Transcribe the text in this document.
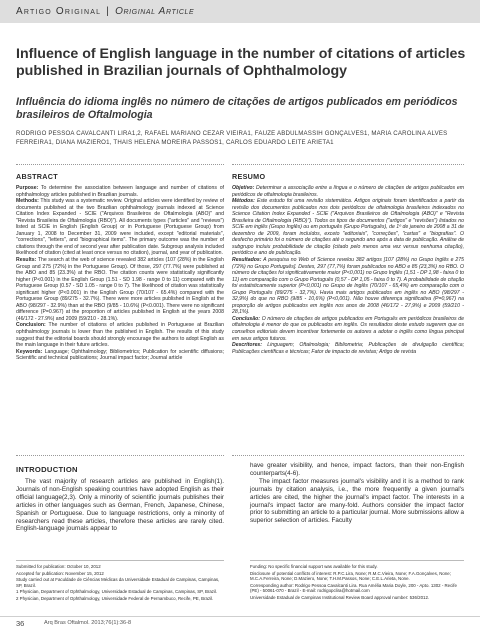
Artigo Original | Original Article
Influence of English language in the number of citations of articles published in Brazilian journals of Ophthalmology
Influência do idioma inglês no número de citações de artigos publicados em periódicos brasileiros de Oftalmologia
RODRIGO PESSOA CAVALCANTI LIRA1,2, RAFAEL MARIANO CEZAR VIEIRA1, FAUZE ABDULMASSIH GONÇALVES1, MARIA CAROLINA ALVES FERREIRA1, DIANA MAZIERO1, THAIS HELENA MOREIRA PASSOS1, CARLOS EDUARDO LEITE ARIETA1
ABSTRACT
Purpose: To determine the association between language and number of citations of ophthalmology articles published in Brazilian journals.
Methods: This study was a systematic review. Original articles were identified by review of documents published at the two Brazilian ophthalmology journals indexed at Science Citation Index Expanded - SCIE ("Arquivos Brasileiros de Oftalmologia (ABO)" and "Revista Brasileira de Oftalmologia (RBO)"). All documents types ("articles" and "reviews") listed at SCIE in English (English Group) or in Portuguese (Portuguese Group) from January 1, 2008 to December 31, 2009 were included, except "editorial materials", "corrections", "letters", and "biographical items". The primary outcome was the number of citations through the end of second year after publication date. Subgroup analysis included likelihood of citation (cited at least once versus no citation), journal, and year of publication.
Results: The search at the web of science revealed 382 articles (107 (28%) in the English Group and 275 (72%) in the Portuguese Group). Of those, 297 (77.7%) were published at the ABO and 85 (23.3%) at the RBO. The citation counts were statistically significantly higher (P<0.001) in the English Group (1.51 - SD 1.98 - range 0 to 11) compared with the Portuguese Group (0.57 - SD 1.05 - range 0 to 7). The likelihood of citation was statistically significant higher (P<0.001) in the English Group (70/107 - 65.4%) compared with the Portuguese Group (89/275 - 32.7%). There were more articles published in English at the ABO (98/297 - 32.9%) than at the RBO (9/85 - 10.6%) (P<0.001). There were no significant difference (P=0.967) at the proportion of articles published in English at the years 2008 (46/172 - 27.9%) and 2009 (59/210 - 28.1%).
Conclusion: The number of citations of articles published in Portuguese at Brazilian ophthalmology journals is lower than the published in English. The results of this study suggest that the editorial boards should strongly encourage the authors to adopt English as the main language in their future articles.
Keywords: Language; Ophthalmology; Bibliometrics; Publication for scientific diffusions; Scientific and technical publications; Journal impact factor; Journal article
RESUMO
Objetivo: Determinar a associação entre a língua e o número de citações de artigos publicados em periódicos de oftalmologia brasileiros.
Métodos: Este estudo foi uma revisão sistemática. Artigos originais foram identificados a partir da revisão dos documentos publicados nos dois periódicos de oftalmologia brasileiros indexados no Science Citation Index Expanded - SCIE ("Arquivos Brasileiros de Oftalmologia (ABO)" e "Revista Brasileira de Oftalmologia (RBO)"). Todos os tipos de documentos ("artigos" e "revisões") listados no SCIE em inglês (Grupo Inglês) ou em português (Grupo Português), de 1º de janeiro de 2008 a 31 de dezembro de 2009, foram incluídos, exceto "editoriais", "correções", "cartas" e "biografias". O desfecho primário foi o número de citações até o segundo ano após a data de publicação. Análise de subgrupo incluiu probabilidade de citação (citado pelo menos uma vez versus nenhuma citação), periódico e ano de publicação.
Resultados: A pesquisa no Web of Science revelou 382 artigos [107 (28%) no Grupo Inglês e 275 (72%) no Grupo Português]. Destes, 297 (77,7%) foram publicados no ABO e 85 (23,3%) no RBO. O número de citações foi significativamente maior (P<0,001) no Grupo Inglês (1,51 - DP 1,98 - faixa 0 to 11) em comparação com o Grupo Português (0,57 - DP 1,05 - faixa 0 to 7). A probabilidade de citação foi estatisticamente superior (P<0,001) no Grupo de Inglês (70/107 - 65,4%) em comparação com o Grupo Português (89/275 - 32,7%). Havia mais artigos publicados em inglês no ABO (98/297 - 32,9%) do que no RBO (9/85 - 10,6%) (P<0,001). Não houve diferença significativa (P=0,967) na proporção de artigos publicados em inglês nos anos de 2008 (46/172 - 27,9%) e 2009 (59/210 - 28,1%).
Conclusão: O número de citações de artigos publicados em Português em periódicos brasileiros de oftalmologia é menor do que os publicados em inglês. Os resultados deste estudo sugerem que os conselhos editoriais devem incentivar fortemente os autores a adotar o inglês como língua principal em seus artigos futuros.
Descritores: Linguagem; Oftalmologia; Bibliometria; Publicações de divulgação científica; Publicações científicas e técnicas; Fator de impacto de revistas; Artigo de revista
INTRODUCTION

The vast majority of research articles are published in English(1). Journals of non-English speaking countries have adopted English as their official language(2,3). Only a minority of scientific journals publishes their articles in other languages such as German, French, Japanese, Chinese, Spanish or Portuguese. Due to language restrictions, only a minority of researchers read these articles, therefore these articles are rarely cited. English-language journals appear to

have greater visibility, and hence, impact factors, than their non-English counterparts(4-6).

The impact factor measures journal's visibility and it is a method to rank journals by citation analysis, i.e., the more frequently a given journal's articles are cited, the higher the journal's impact factor. The interests in a journal's impact factor are many-fold. Authors consider the impact factor prior to submitting an article to a particular journal. More submissions allow a superior selection of articles. Faculty

Submitted for publication: October 10, 2012
Accepted for publication: November 15, 2012
Study carried out at Faculdade de Ciências Médicas da Universidade Estadual de Campinas, Campinas, SP, Brazil.
1 Physician, Department of Ophthalmology, Universidade Estadual de Campinas, Campinas, SP, Brazil.
2 Physician, Department of Ophthalmology, Universidade Federal de Pernambuco, Recife, PE, Brazil.
Funding: No specific financial support was available for this study.
Disclosure of potential conflicts of interest: R.P.C.Lira, None; R.M.C.Vieira, None; F.A.Gonçalves, None; M.C.A.Ferreira, None; D.Maziero, None; T.H.M.Passos, None; C.E.L.Arieta, None.
Corresponding author: Rodrigo Pessoa Cavalcanti Lira. Rua Amélia Maria Doyle, 200 - Apto. 1302 - Recife (PE) - 50061-070 - Brazil - E-mail: rodrigopclira@hotmail.com
Universidade Estadual de Campinas Institutional Review Board approval number: 536/2012.
36	Arq Bras Oftalmol. 2013;76(1):36-8
